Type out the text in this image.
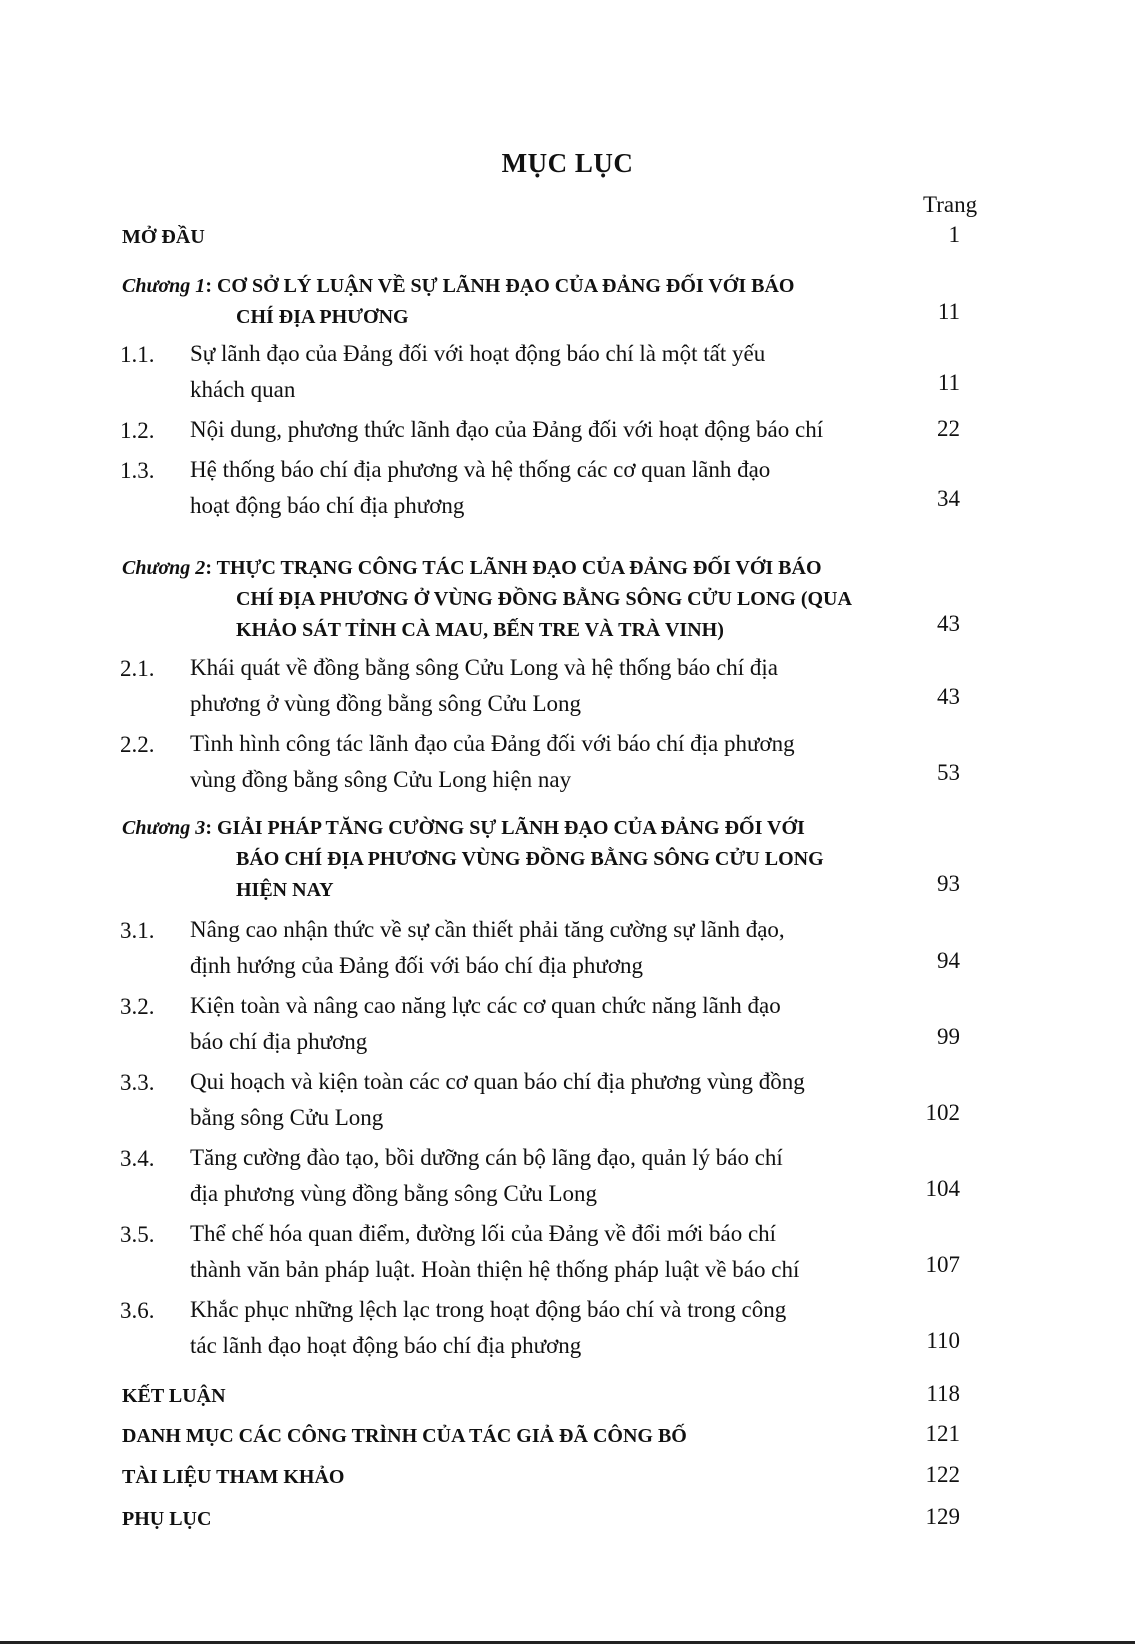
MỤC LỤC
Trang
MỞ ĐẦU	1
Chương 1: CƠ SỞ LÝ LUẬN VỀ SỰ LÃNH ĐẠO CỦA ĐẢNG ĐỐI VỚI BÁO
CHÍ ĐỊA PHƯƠNG	11
1.1. Sự lãnh đạo của Đảng đối với hoạt động báo chí là một tất yếu
khách quan	11
1.2. Nội dung, phương thức lãnh đạo của Đảng đối với hoạt động báo chí	22
1.3. Hệ thống báo chí địa phương và hệ thống các cơ quan lãnh đạo
hoạt động báo chí địa phương	34
Chương 2: THỰC TRẠNG CÔNG TÁC LÃNH ĐẠO CỦA ĐẢNG ĐỐI VỚI BÁO
CHÍ ĐỊA PHƯƠNG Ở VÙNG ĐỒNG BẰNG SÔNG CỬU LONG (QUA
KHẢO SÁT TỈNH CÀ MAU, BẾN TRE VÀ TRÀ VINH)	43
2.1. Khái quát về đồng bằng sông Cửu Long và hệ thống báo chí địa
phương ở vùng đồng bằng sông Cửu Long	43
2.2. Tình hình công tác lãnh đạo của Đảng đối với báo chí địa phương
vùng đồng bằng sông Cửu Long hiện nay	53
Chương 3: GIẢI PHÁP TĂNG CƯỜNG SỰ LÃNH ĐẠO CỦA ĐẢNG ĐỐI VỚI
BÁO CHÍ ĐỊA PHƯƠNG VÙNG ĐỒNG BẰNG SÔNG CỬU LONG
HIỆN NAY	93
3.1. Nâng cao nhận thức về sự cần thiết phải tăng cường sự lãnh đạo,
định hướng của Đảng đối với báo chí địa phương	94
3.2. Kiện toàn và nâng cao năng lực các cơ quan chức năng lãnh đạo
báo chí địa phương	99
3.3. Qui hoạch và kiện toàn các cơ quan báo chí địa phương vùng đồng
bằng sông Cửu Long	102
3.4. Tăng cường đào tạo, bồi dưỡng cán bộ lãng đạo, quản lý báo chí
địa phương vùng đồng bằng sông Cửu Long	104
3.5. Thể chế hóa quan điểm, đường lối của Đảng về đổi mới báo chí
thành văn bản pháp luật. Hoàn thiện hệ thống pháp luật về báo chí	107
3.6. Khắc phục những lệch lạc trong hoạt động báo chí và trong công
tác lãnh đạo hoạt động báo chí địa phương	110
KẾT LUẬN	118
DANH MỤC CÁC CÔNG TRÌNH CỦA TÁC GIẢ ĐÃ CÔNG BỐ	121
TÀI LIỆU THAM KHẢO	122
PHỤ LỤC	129
